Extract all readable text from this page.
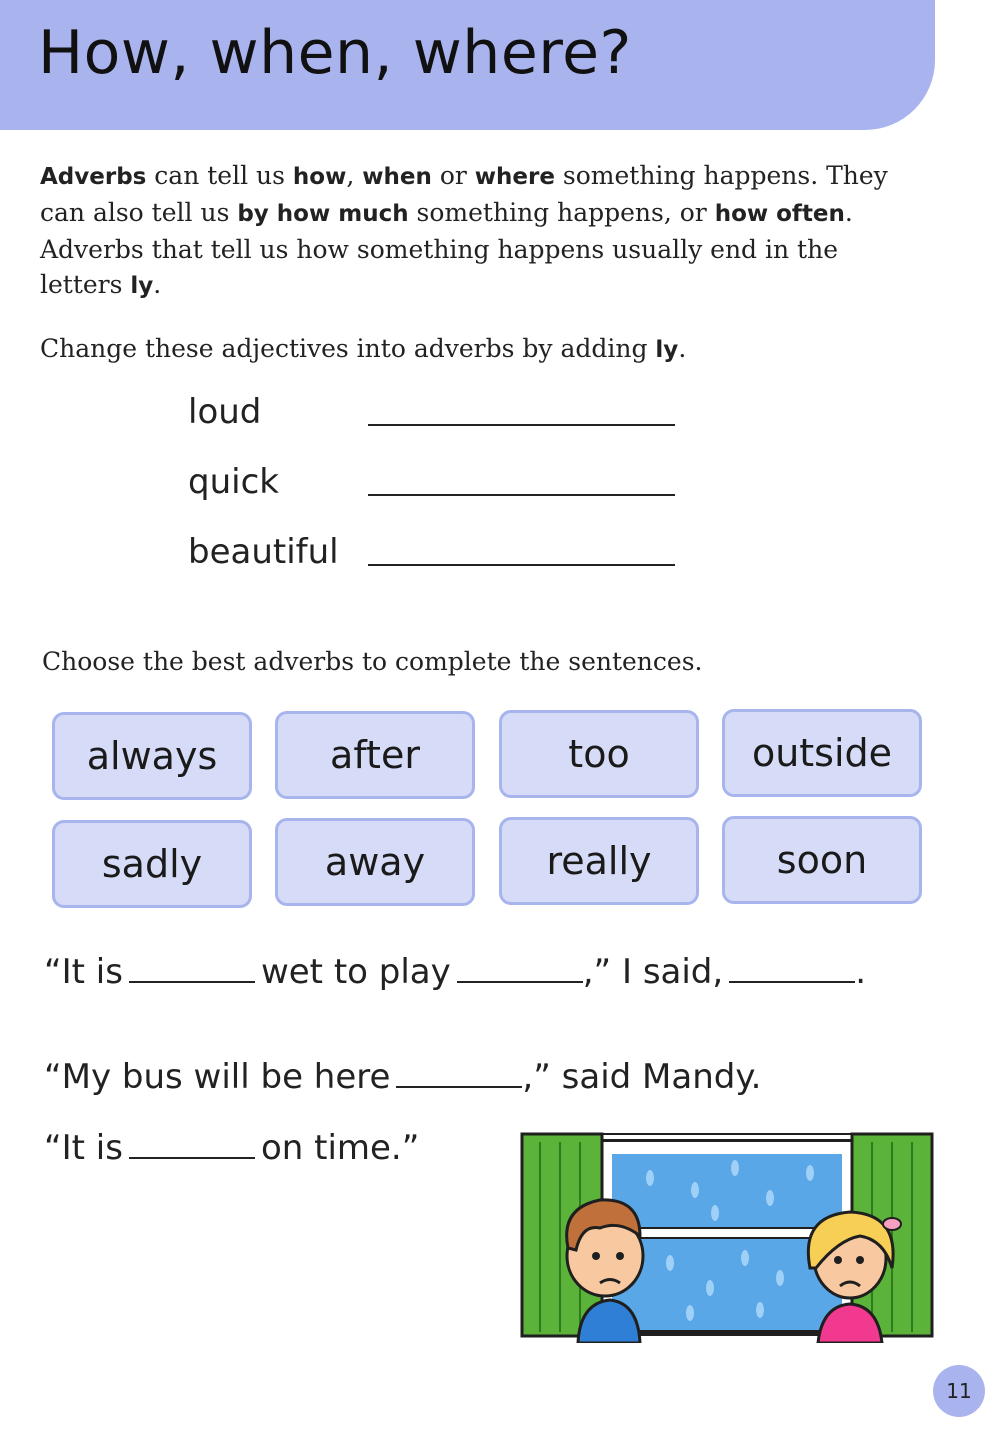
How, when, where?
Adverbs can tell us how, when or where something happens. They can also tell us by how much something happens, or how often. Adverbs that tell us how something happens usually end in the letters ly.
Change these adjectives into adverbs by adding ly.
loud
quick
beautiful
Choose the best adverbs to complete the sentences.
always	after	too	outside
sadly	away	really	soon
“It is	wet to play	,” I said,	.
“My bus will be here	,” said Mandy.
“It is	on time.”
11
